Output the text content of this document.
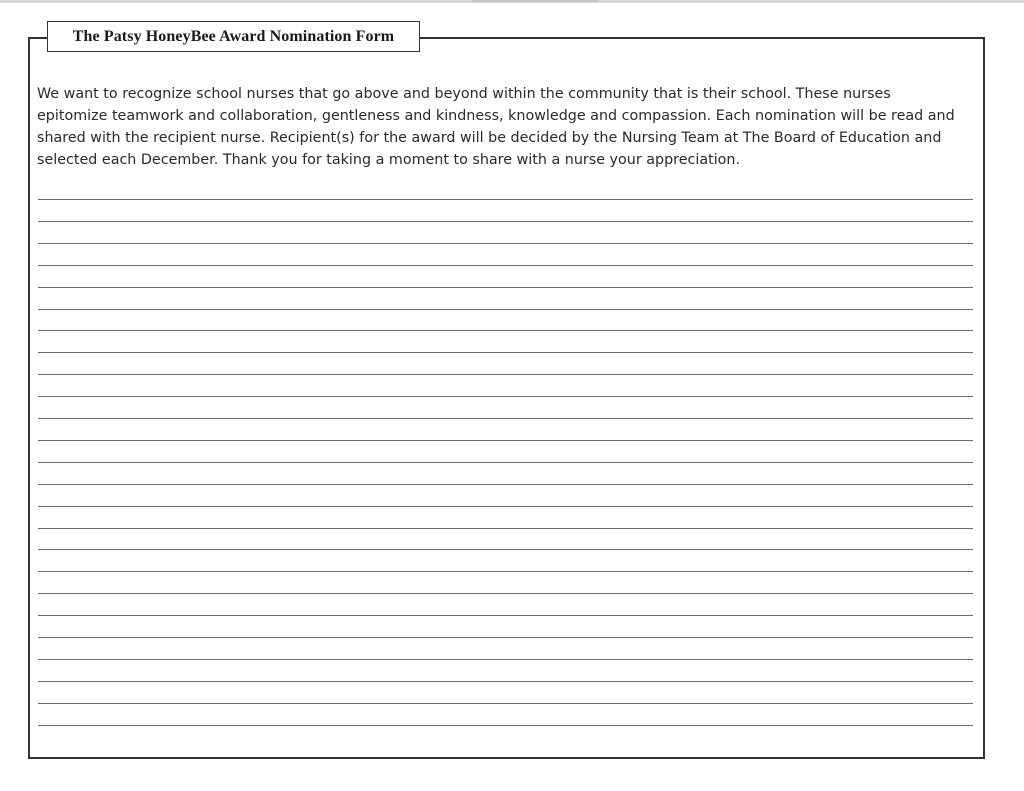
The Patsy HoneyBee Award Nomination Form

We want to recognize school nurses that go above and beyond within the community that is their school. These nurses epitomize teamwork and collaboration, gentleness and kindness, knowledge and compassion. Each nomination will be read and shared with the recipient nurse. Recipient(s) for the award will be decided by the Nursing Team at The Board of Education and selected each December. Thank you for taking a moment to share with a nurse your appreciation.
